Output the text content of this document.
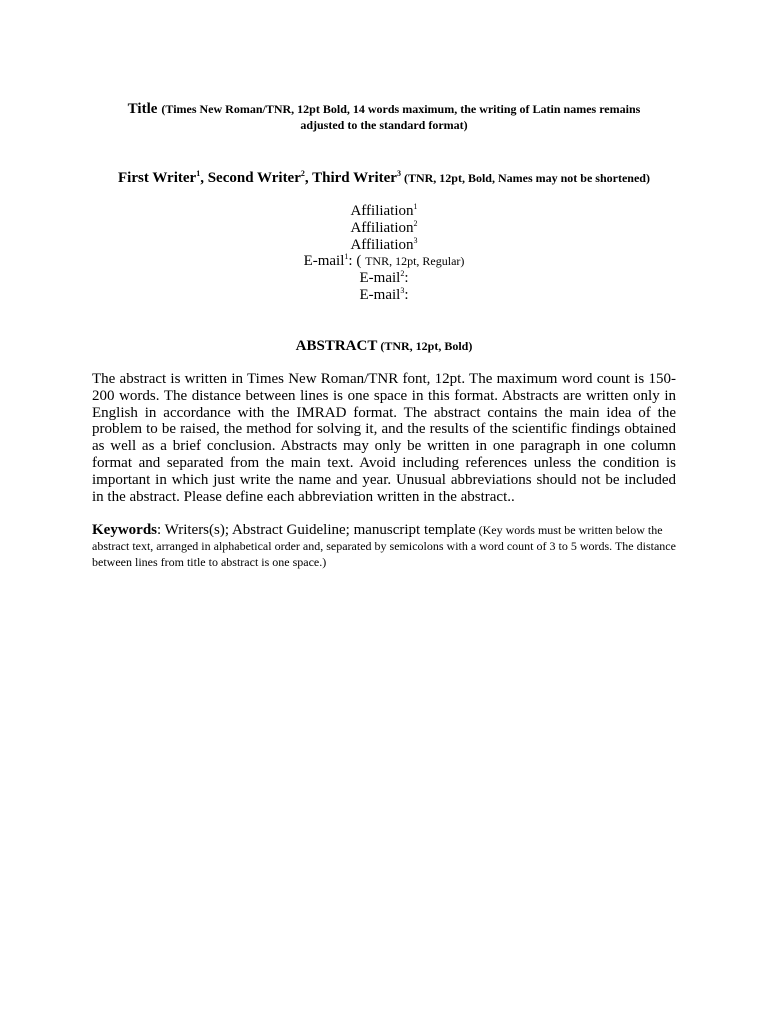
Title (Times New Roman/TNR, 12pt Bold, 14 words maximum, the writing of Latin names remains
adjusted to the standard format)
First Writer$^1$, Second Writer$^2$, Third Writer$^3$ (TNR, 12pt, Bold, Names may not be shortened)
Affiliation$^1$
Affiliation$^2$
Affiliation$^3$
E-mail$^1$: ( TNR, 12pt, Regular)
E-mail$^2$:
E-mail$^3$:
ABSTRACT (TNR, 12pt, Bold)
The abstract is written in Times New Roman/TNR font, 12pt. The maximum word count is 150-200 words. The distance between lines is one space in this format. Abstracts are written only in English in accordance with the IMRAD format. The abstract contains the main idea of the problem to be raised, the method for solving it, and the results of the scientific findings obtained as well as a brief conclusion. Abstracts may only be written in one paragraph in one column format and separated from the main text. Avoid including references unless the condition is important in which just write the name and year. Unusual abbreviations should not be included in the abstract. Please define each abbreviation written in the abstract..
Keywords: Writers(s); Abstract Guideline; manuscript template (Key words must be written below the abstract text, arranged in alphabetical order and, separated by semicolons with a word count of 3 to 5 words. The distance between lines from title to abstract is one space.)
